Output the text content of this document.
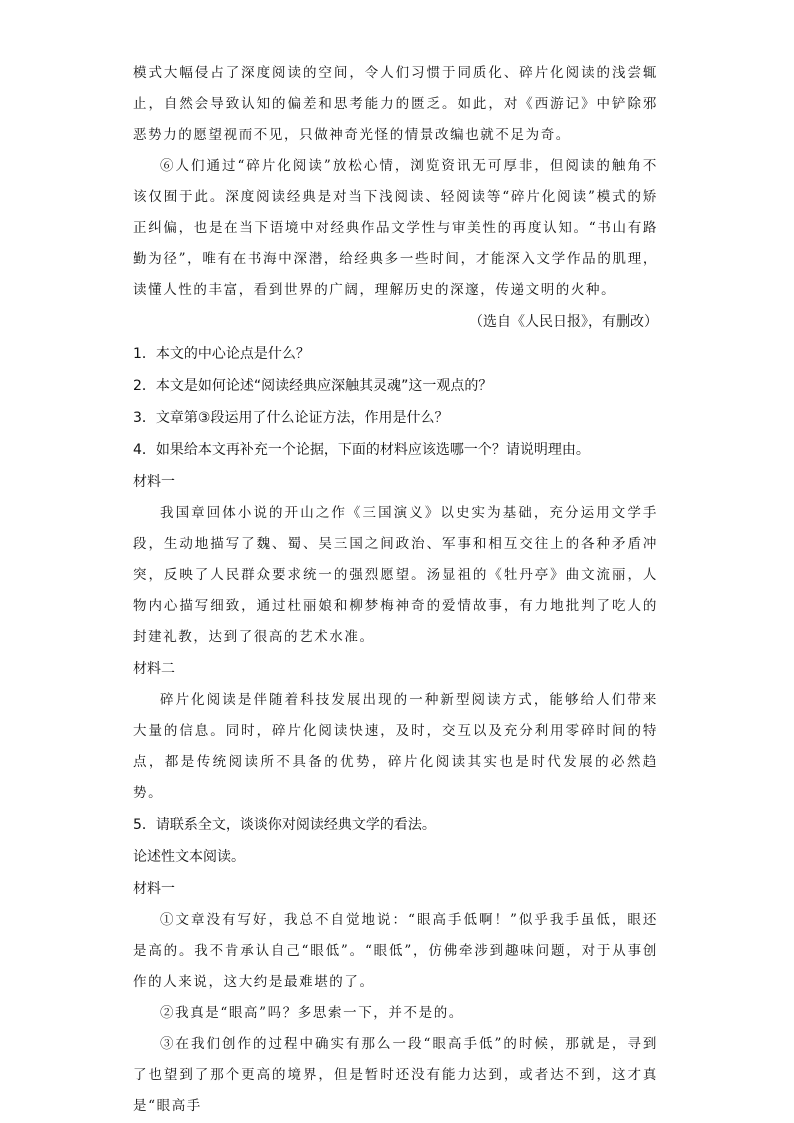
模式大幅侵占了深度阅读的空间，令人们习惯于同质化、碎片化阅读的浅尝辄止，自然会导致认知的偏差和思考能力的匮乏。如此，对《西游记》中铲除邪恶势力的愿望视而不见，只做神奇光怪的情景改编也就不足为奇。

⑥人们通过“碎片化阅读”放松心情，浏览资讯无可厚非，但阅读的触角不该仅囿于此。深度阅读经典是对当下浅阅读、轻阅读等“碎片化阅读”模式的矫正纠偏，也是在当下语境中对经典作品文学性与审美性的再度认知。“书山有路勤为径”，唯有在书海中深潜，给经典多一些时间，才能深入文学作品的肌理，读懂人性的丰富，看到世界的广阔，理解历史的深邃，传递文明的火种。

（选自《人民日报》，有删改）

1．本文的中心论点是什么？

2．本文是如何论述“阅读经典应深触其灵魂”这一观点的？

3．文章第③段运用了什么论证方法，作用是什么？

4．如果给本文再补充一个论据，下面的材料应该选哪一个？请说明理由。

材料一

我国章回体小说的开山之作《三国演义》以史实为基础，充分运用文学手段，生动地描写了魏、蜀、吴三国之间政治、军事和相互交往上的各种矛盾冲突，反映了人民群众要求统一的强烈愿望。汤显祖的《牡丹亭》曲文流丽，人物内心描写细致，通过杜丽娘和柳梦梅神奇的爱情故事，有力地批判了吃人的封建礼教，达到了很高的艺术水准。

材料二

碎片化阅读是伴随着科技发展出现的一种新型阅读方式，能够给人们带来大量的信息。同时，碎片化阅读快速，及时，交互以及充分利用零碎时间的特点，都是传统阅读所不具备的优势，碎片化阅读其实也是时代发展的必然趋势。

5．请联系全文，谈谈你对阅读经典文学的看法。

论述性文本阅读。

材料一

①文章没有写好，我总不自觉地说：“眼高手低啊！”似乎我手虽低，眼还是高的。我不肯承认自己“眼低”。“眼低”，仿佛牵涉到趣味问题，对于从事创作的人来说，这大约是最难堪的了。

②我真是“眼高”吗？多思索一下，并不是的。

③在我们创作的过程中确实有那么一段“眼高手低”的时候，那就是，寻到了也望到了那个更高的境界，但是暂时还没有能力达到，或者达不到，这才真是“眼高手
